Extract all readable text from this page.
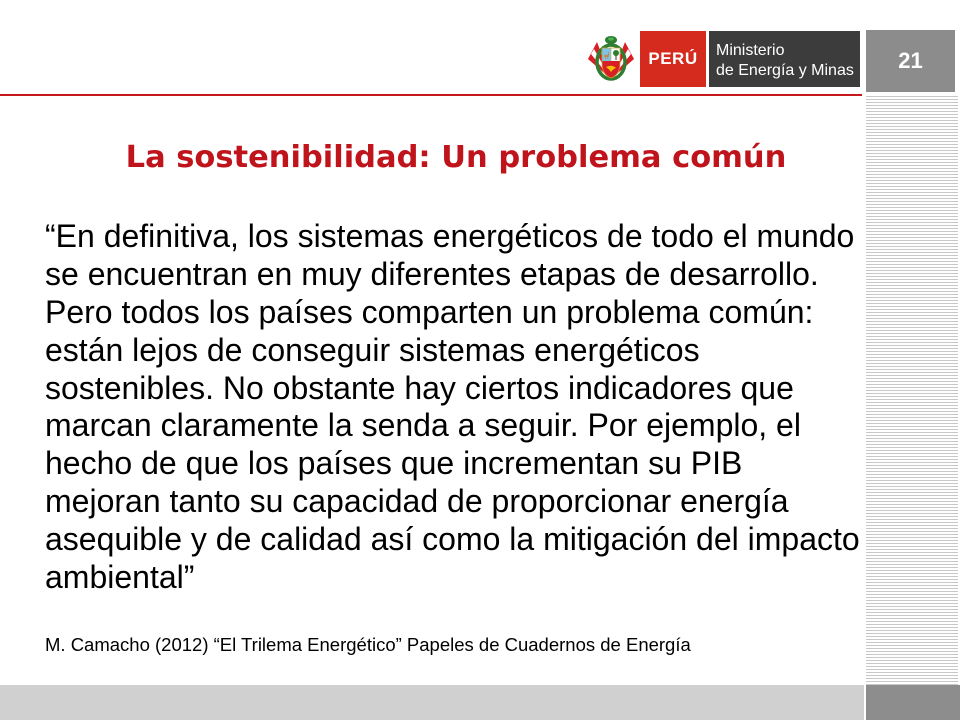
PERÚ	Ministerio
de Energía y Minas	21
La sostenibilidad: Un problema común
“En definitiva, los sistemas energéticos de todo el mundo
se encuentran en muy diferentes etapas de desarrollo.
Pero todos los países comparten un problema común:
están lejos de conseguir sistemas energéticos
sostenibles. No obstante hay ciertos indicadores que
marcan claramente la senda a seguir. Por ejemplo, el
hecho de que los países que incrementan su PIB
mejoran tanto su capacidad de proporcionar energía
asequible y de calidad así como la mitigación del impacto
ambiental”
M. Camacho (2012) “El Trilema Energético” Papeles de Cuadernos de Energía
